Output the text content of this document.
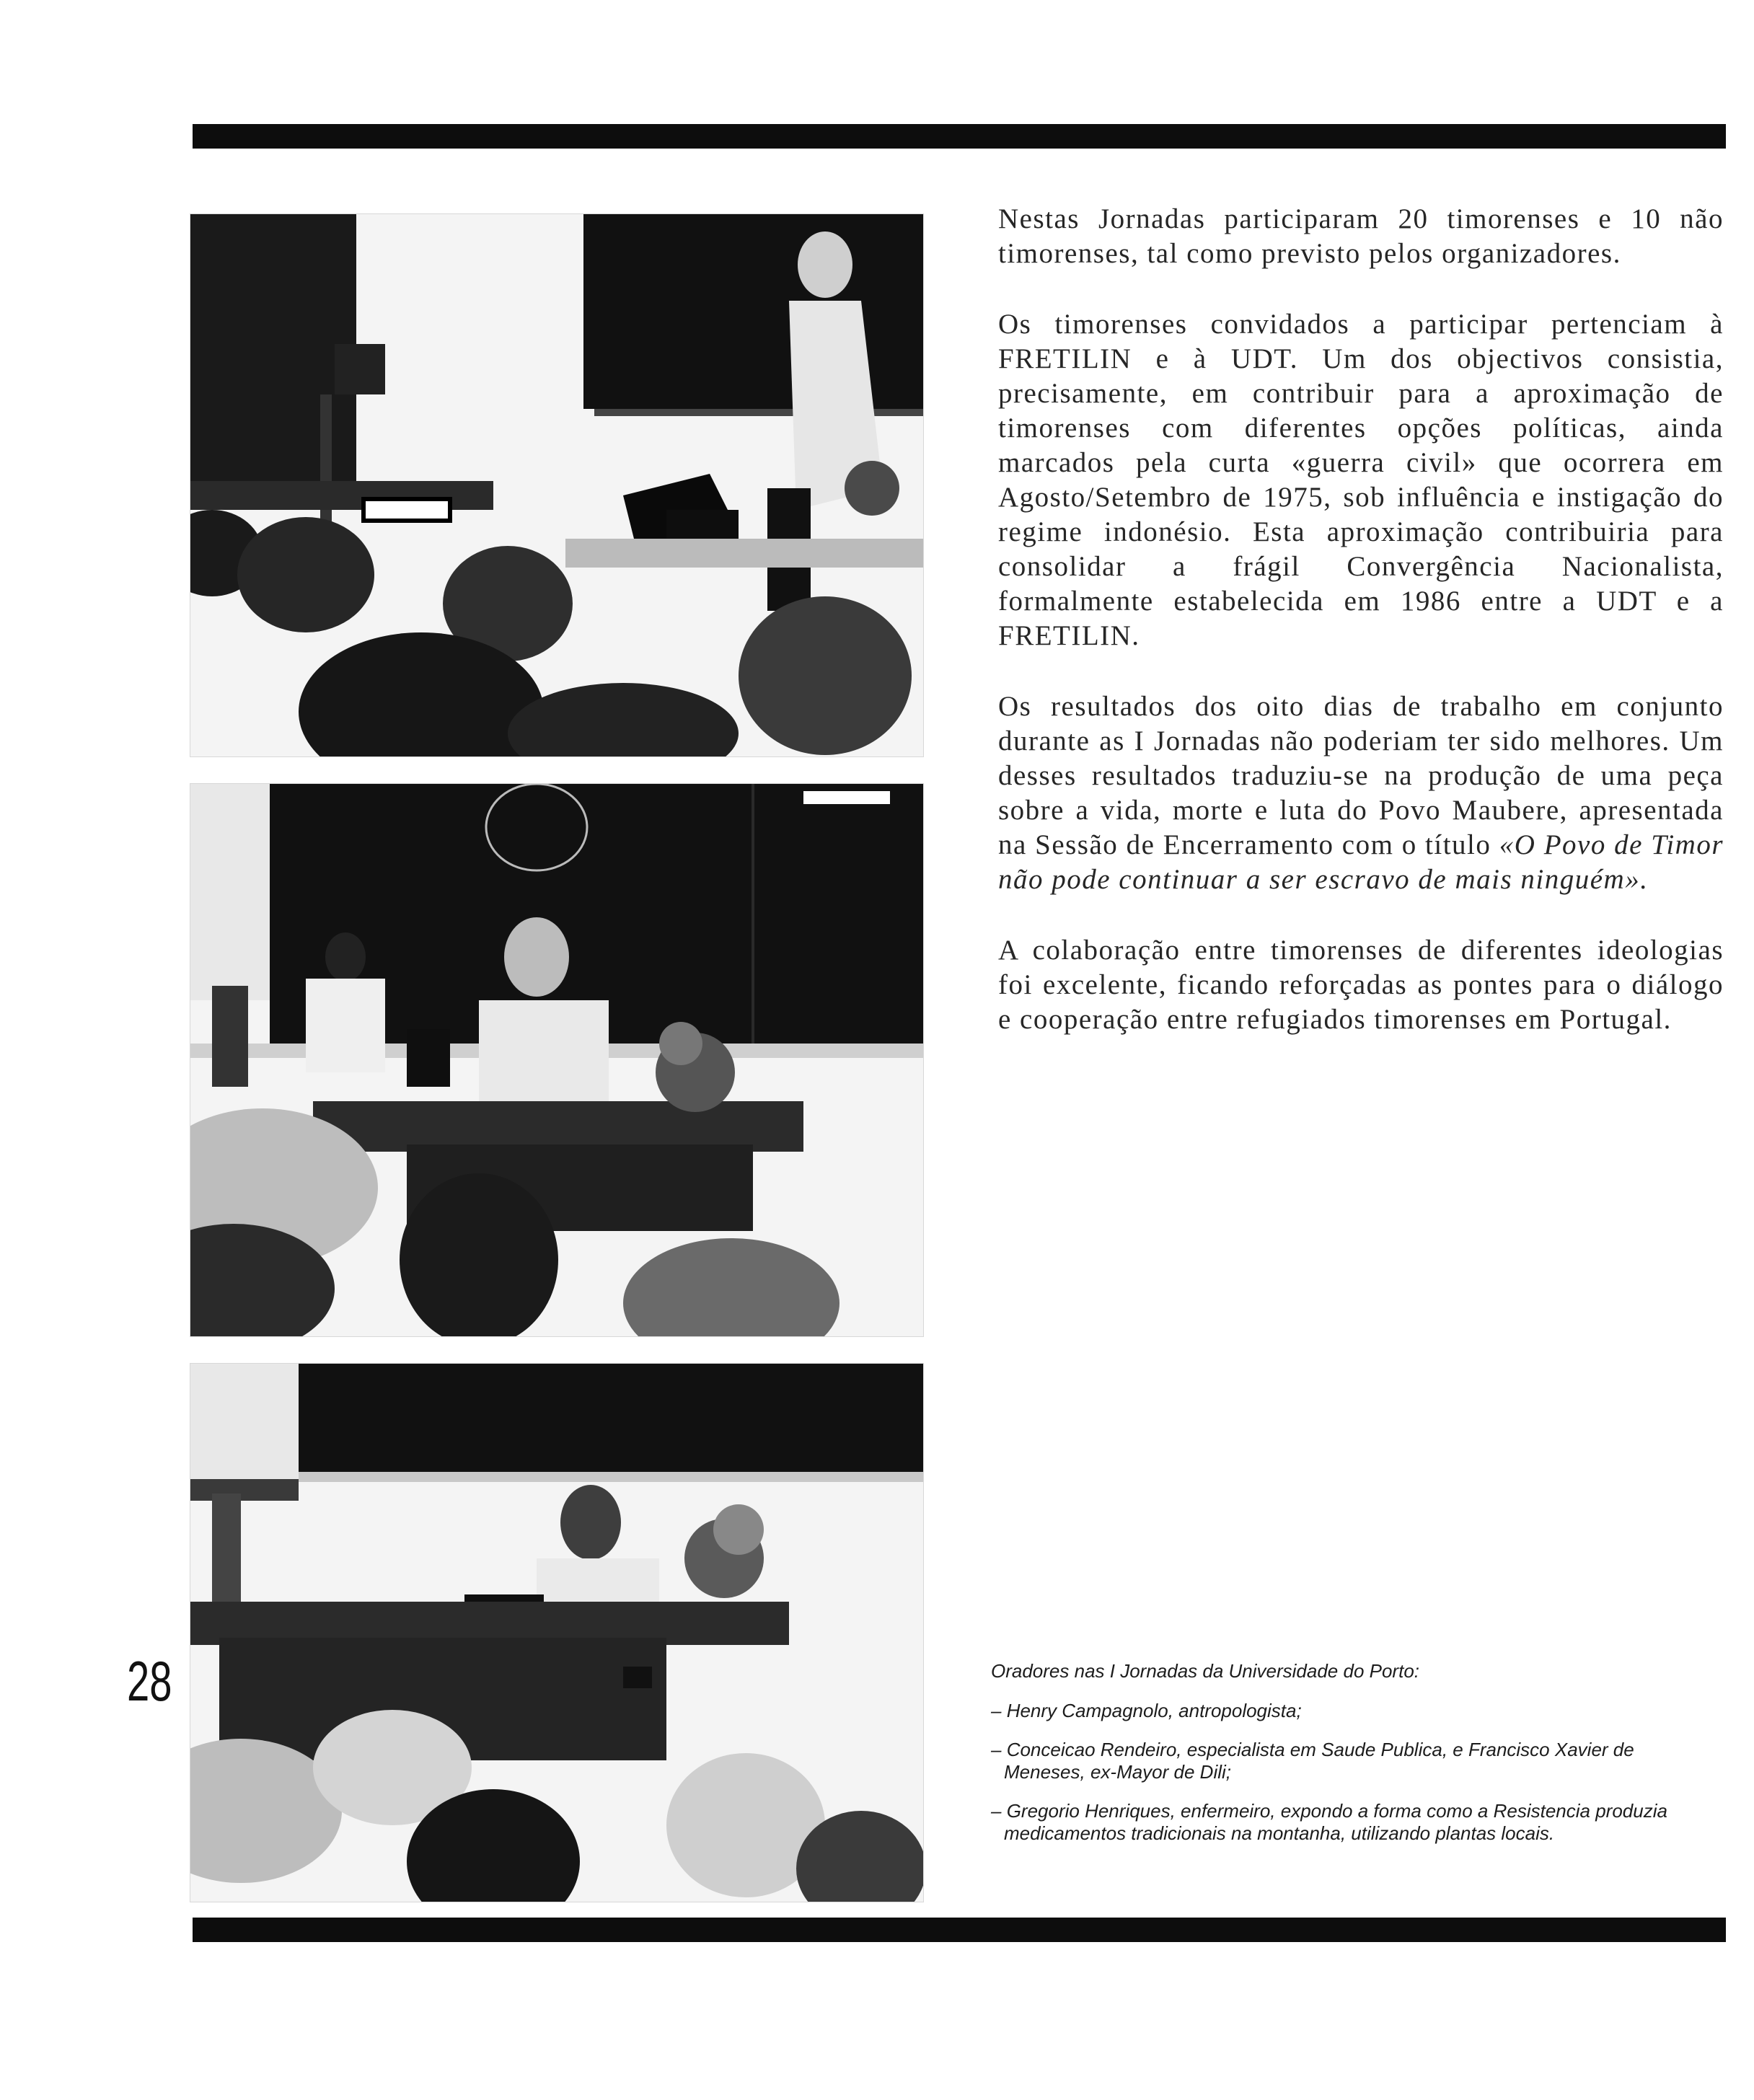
28

Nestas Jornadas participaram 20 timorenses e 10 não timorenses, tal como previsto pelos organizadores.

Os timorenses convidados a participar pertenciam à FRETILIN e à UDT. Um dos objectivos consistia, precisamente, em contribuir para a aproximação de timorenses com diferentes opções políticas, ainda marcados pela curta «guerra civil» que ocorrera em Agosto/Setembro de 1975, sob influência e instigação do regime indonésio. Esta aproximação contribuiria para consolidar a frágil Convergência Nacionalista, formalmente estabelecida em 1986 entre a UDT e a FRETILIN.

Os resultados dos oito dias de trabalho em conjunto durante as I Jornadas não poderiam ter sido melhores. Um desses resultados traduziu-se na produção de uma peça sobre a vida, morte e luta do Povo Maubere, apresentada na Sessão de Encerramento com o título «O Povo de Timor não pode continuar a ser escravo de mais ninguém».

A colaboração entre timorenses de diferentes ideologias foi excelente, ficando reforçadas as pontes para o diálogo e cooperação entre refugiados timorenses em Portugal.

Oradores nas I Jornadas da Universidade do Porto:

– Henry Campagnolo, antropologista;
– Conceicao Rendeiro, especialista em Saude Publica, e Francisco Xavier de Meneses, ex-Mayor de Dili;
– Gregorio Henriques, enfermeiro, expondo a forma como a Resistencia produzia medicamentos tradicionais na montanha, utilizando plantas locais.
